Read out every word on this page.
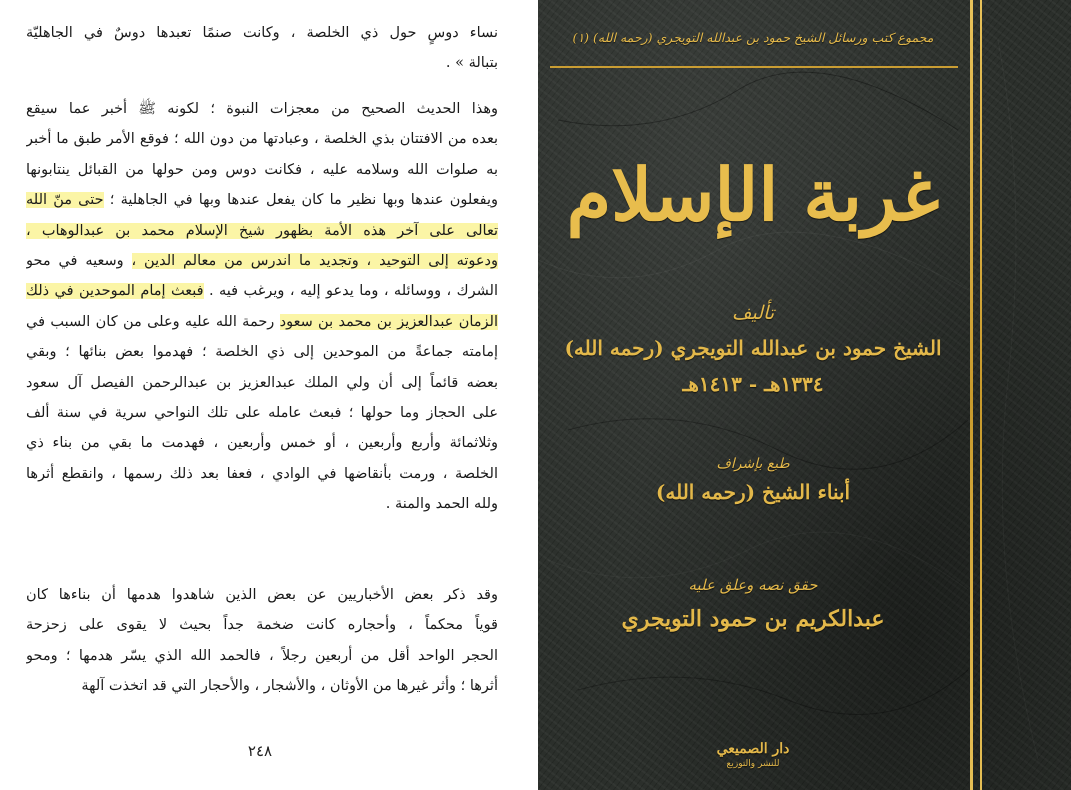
نساء دوسٍ حول ذي الخلصة ، وكانت صنمًا تعبدها دوسٌ في الجاهليّة
بتبالة » .
وهذا الحديث الصحيح من معجزات النبوة ؛ لكونه ﷺ أخبر عما سيقع
بعده من الافتتان بذي الخلصة ، وعبادتها من دون الله ؛ فوقع الأمر طبق ما أخبر
به صلوات الله وسلامه عليه ، فكانت دوس ومن حولها من القبائل ينتابونها
ويفعلون عندها وبها نظير ما كان يفعل عندها وبها في الجاهلية ؛ حتى منّ الله
تعالى على آخر هذه الأمة بظهور شيخ الإسلام محمد بن عبدالوهاب ،
ودعوته إلى التوحيد ، وتجديد ما اندرس من معالم الدين ، وسعيه في محو
الشرك ، ووسائله ، وما يدعو إليه ، ويرغب فيه . فبعث إمام الموحدين في ذلك
الزمان عبدالعزيز بن محمد بن سعود رحمة الله عليه وعلى من كان السبب في
إمامته جماعةً من الموحدين إلى ذي الخلصة ؛ فهدموا بعض بنائها ؛ وبقي
بعضه قائماً إلى أن ولي الملك عبدالعزيز بن عبدالرحمن الفيصل آل سعود
على الحجاز وما حولها ؛ فبعث عامله على تلك النواحي سرية في سنة ألف
وثلاثمائة وأربع وأربعين ، أو خمس وأربعين ، فهدمت ما بقي من بناء ذي
الخلصة ، ورمت بأنقاضها في الوادي ، فعفا بعد ذلك رسمها ، وانقطع أثرها
ولله الحمد والمنة .
وقد ذكر بعض الأخباريين عن بعض الذين شاهدوا هدمها أن بناءها كان
قوياً محكماً ، وأحجاره كانت ضخمة جداً بحيث لا يقوى على زحزحة
الحجر الواحد أقل من أربعين رجلاً ، فالحمد الله الذي يسّر هدمها ؛ ومحو
أثرها ؛ وأثر غيرها من الأوثان ، والأشجار ، والأحجار التي قد اتخذت آلهة
٢٤٨
مجموع كتب ورسائل الشيخ حمود بن عبدالله التويجري (رحمه الله) (١)
غربة الإسلام
تأليف
الشيخ حمود بن عبدالله التويجري (رحمه الله)
١٣٣٤هـ - ١٤١٣هـ
طبع بإشراف
أبناء الشيخ (رحمه الله)
حقق نصه وعلق عليه
عبدالكريم بن حمود التويجري
دار الصميعي
للنشر والتوزيع
